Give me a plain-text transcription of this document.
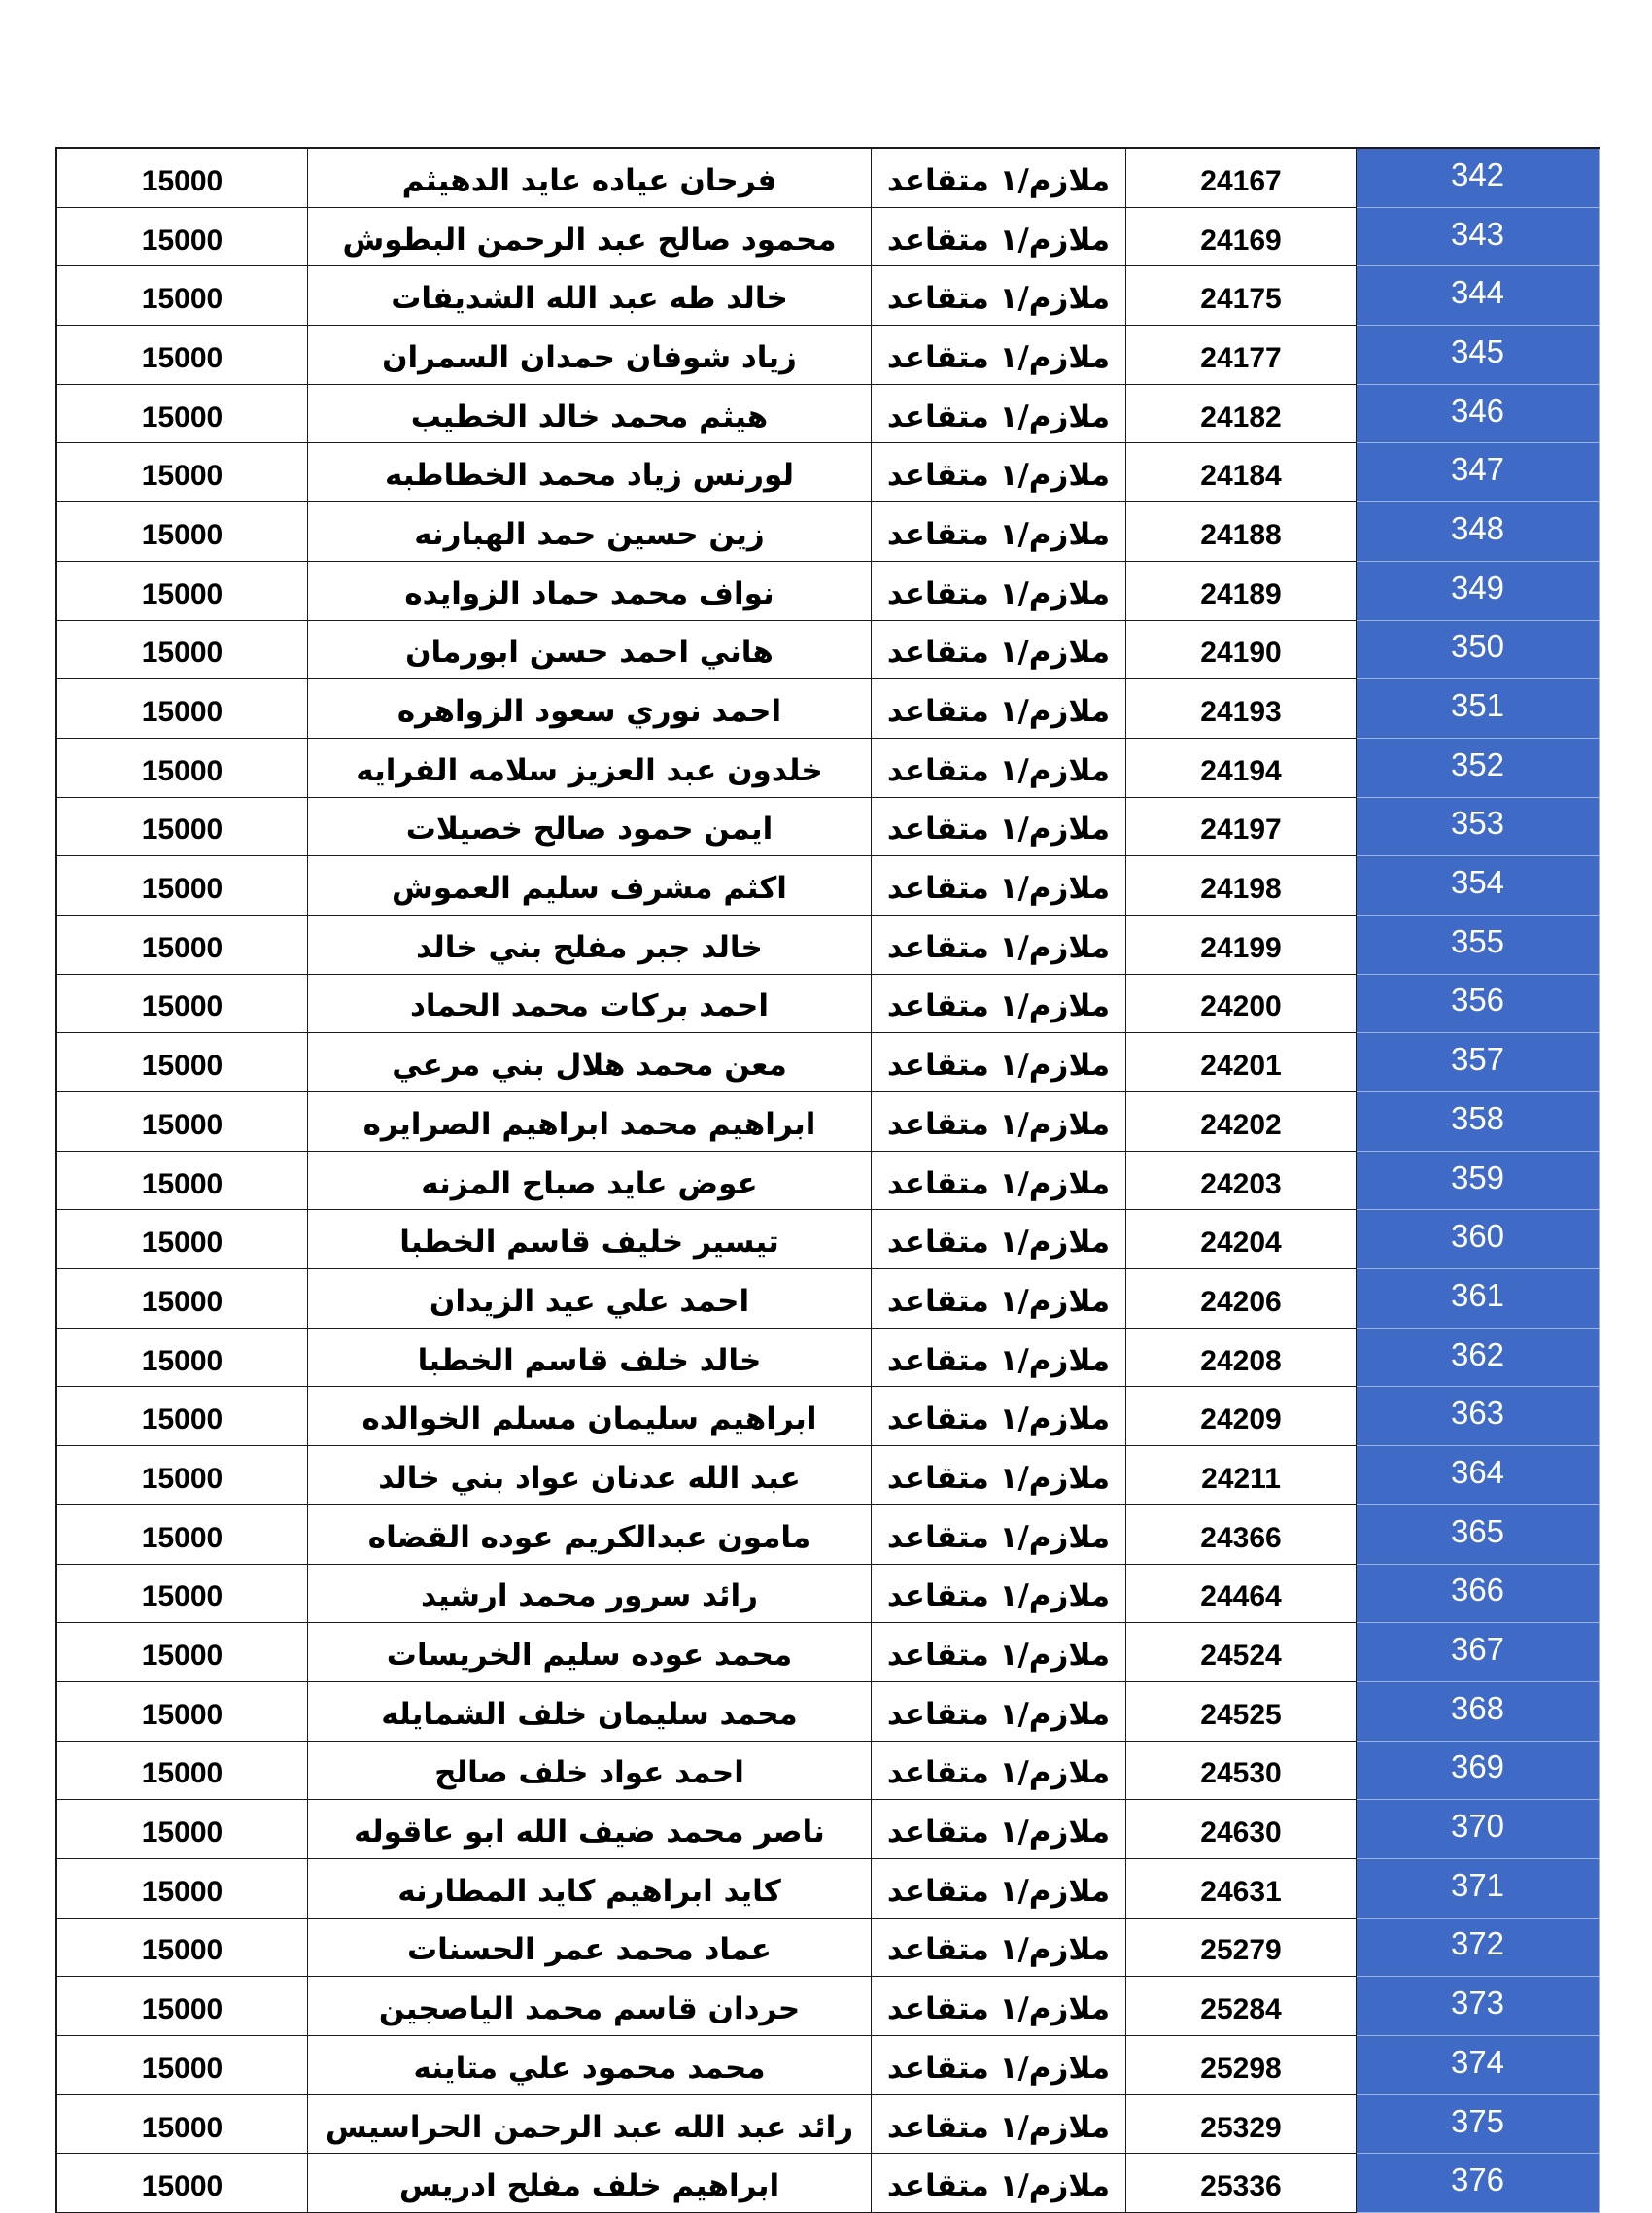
15000	فرحان عياده عايد الدهيثم	ملازم/١ متقاعد	24167	342
15000	محمود صالح عبد الرحمن البطوش	ملازم/١ متقاعد	24169	343
15000	خالد طه عبد الله الشديفات	ملازم/١ متقاعد	24175	344
15000	زياد شوفان حمدان السمران	ملازم/١ متقاعد	24177	345
15000	هيثم محمد خالد الخطيب	ملازم/١ متقاعد	24182	346
15000	لورنس زياد محمد الخطاطبه	ملازم/١ متقاعد	24184	347
15000	زين حسين حمد الهبارنه	ملازم/١ متقاعد	24188	348
15000	نواف محمد حماد الزوايده	ملازم/١ متقاعد	24189	349
15000	هاني احمد حسن ابورمان	ملازم/١ متقاعد	24190	350
15000	احمد نوري سعود الزواهره	ملازم/١ متقاعد	24193	351
15000	خلدون عبد العزيز سلامه الفرايه	ملازم/١ متقاعد	24194	352
15000	ايمن حمود صالح خصيلات	ملازم/١ متقاعد	24197	353
15000	اكثم مشرف سليم العموش	ملازم/١ متقاعد	24198	354
15000	خالد جبر مفلح بني خالد	ملازم/١ متقاعد	24199	355
15000	احمد بركات محمد الحماد	ملازم/١ متقاعد	24200	356
15000	معن محمد هلال بني مرعي	ملازم/١ متقاعد	24201	357
15000	ابراهيم محمد ابراهيم الصرايره	ملازم/١ متقاعد	24202	358
15000	عوض عايد صباح المزنه	ملازم/١ متقاعد	24203	359
15000	تيسير خليف قاسم الخطبا	ملازم/١ متقاعد	24204	360
15000	احمد علي عيد الزيدان	ملازم/١ متقاعد	24206	361
15000	خالد خلف قاسم الخطبا	ملازم/١ متقاعد	24208	362
15000	ابراهيم سليمان مسلم الخوالده	ملازم/١ متقاعد	24209	363
15000	عبد الله عدنان عواد بني خالد	ملازم/١ متقاعد	24211	364
15000	مامون عبدالكريم عوده القضاه	ملازم/١ متقاعد	24366	365
15000	رائد سرور محمد ارشيد	ملازم/١ متقاعد	24464	366
15000	محمد عوده سليم الخريسات	ملازم/١ متقاعد	24524	367
15000	محمد سليمان خلف الشمايله	ملازم/١ متقاعد	24525	368
15000	احمد عواد خلف صالح	ملازم/١ متقاعد	24530	369
15000	ناصر محمد ضيف الله ابو عاقوله	ملازم/١ متقاعد	24630	370
15000	كايد ابراهيم كايد المطارنه	ملازم/١ متقاعد	24631	371
15000	عماد محمد عمر الحسنات	ملازم/١ متقاعد	25279	372
15000	حردان قاسم محمد الياصجين	ملازم/١ متقاعد	25284	373
15000	محمد محمود علي متاينه	ملازم/١ متقاعد	25298	374
15000	رائد عبد الله عبد الرحمن الحراسيس	ملازم/١ متقاعد	25329	375
15000	ابراهيم خلف مفلح ادريس	ملازم/١ متقاعد	25336	376
